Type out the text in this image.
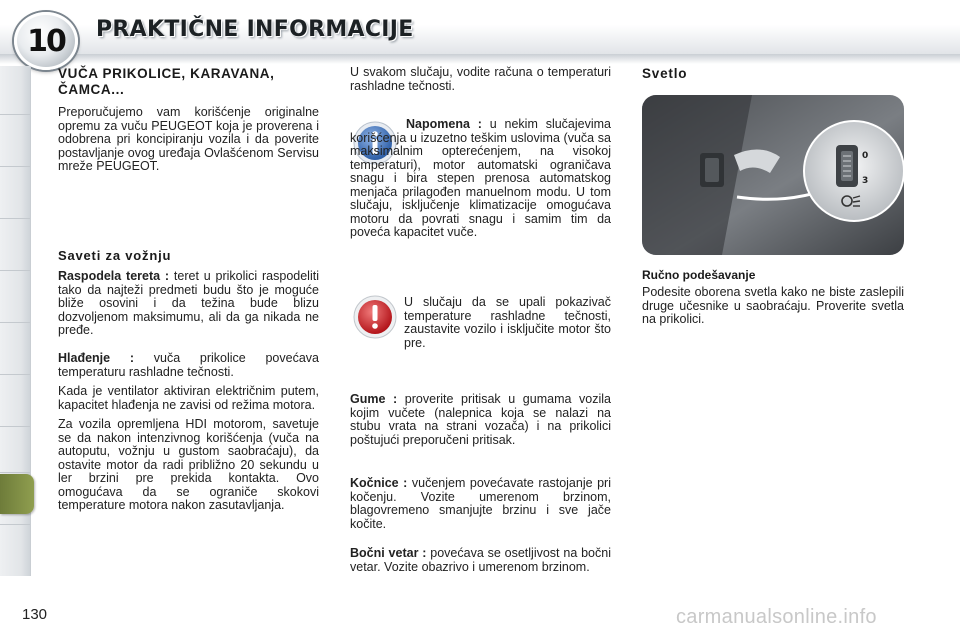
10 PRAKTIČNE INFORMACIJE
VUČA PRIKOLICE, KARAVANA, ČAMCA...

Preporučujemo vam korišćenje originalne opremu za vuču PEUGEOT koja je proverena i odobrena pri koncipiranju vozila i da poverite postavljanje ovog uređaja Ovlašćenom Servisu mreže PEUGEOT.

Saveti za vožnju

Raspodela tereta : teret u prikolici raspodeliti tako da najteži predmeti budu što je moguće bliže osovini i da težina bude blizu dozvoljenom maksimumu, ali da ga nikada ne pređe.

Hlađenje : vuča prikolice povećava temperaturu rashladne tečnosti.

Kada je ventilator aktiviran električnim putem, kapacitet hlađenja ne zavisi od režima motora.

Za vozila opremljena HDI motorom, savetuje se da nakon intenzivnog korišćenja (vuča na autoputu, vožnju u gustom saobraćaju), da ostavite motor da radi približno 20 sekundu u ler brzini pre prekida kontakta. Ovo omogućava da se ograniče skokovi temperature motora nakon zasutavljanja.

U svakom slučaju, vodite računa o temperaturi rashladne tečnosti.

Napomena : u nekim slučajevima korišćenja u izuzetno teškim uslovima (vuča sa maksimalnim opterećenjem, na visokoj temperaturi), motor automatski ograničava snagu i bira stepen prenosa automatskog menjača prilagođen manuelnom modu. U tom slučaju, isključenje klimatizacije omogućava motoru da povrati snagu i samim tim da poveća kapacitet vuče.

U slučaju da se upali pokazivač temperature rashladne tečnosti, zaustavite vozilo i isključite motor što pre.

Gume : proverite pritisak u gumama vozila kojim vučete (nalepnica koja se nalazi na stubu vrata na strani vozača) i na prikolici poštujući preporučeni pritisak.

Kočnice : vučenjem povećavate rastojanje pri kočenju. Vozite umerenom brzinom, blagovremeno smanjujte brzinu i sve jače kočite.

Bočni vetar : povećava se osetljivost na bočni vetar. Vozite obazrivo i umerenom brzinom.

Svetlo
0
3
Ručno podešavanje

Podesite oborena svetla kako ne biste zaslepili druge učesnike u saobraćaju. Proverite svetla na prikolici.

130	carmanualsonline.info
